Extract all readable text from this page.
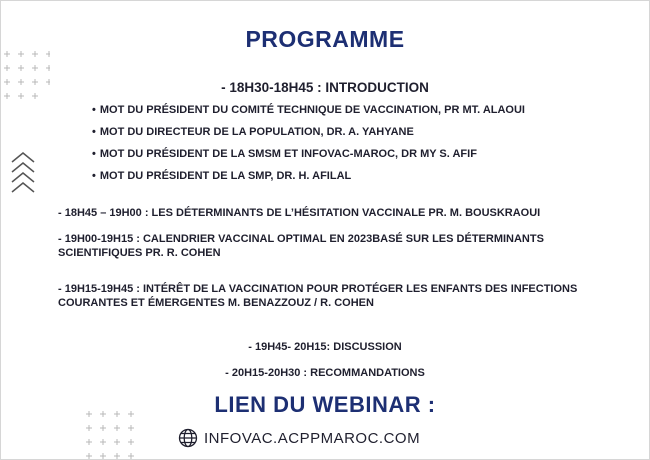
PROGRAMME
- 18H30-18H45 : INTRODUCTION
• MOT DU PRÉSIDENT DU COMITÉ TECHNIQUE DE VACCINATION, PR MT. ALAOUI
• MOT DU DIRECTEUR DE LA POPULATION, DR. A. YAHYANE
• MOT DU PRÉSIDENT DE LA SMSM ET INFOVAC-MAROC, DR MY S. AFIF
• MOT DU PRÉSIDENT DE LA SMP, DR. H. AFILAL
- 18H45 – 19H00 : LES DÉTERMINANTS DE L’HÉSITATION VACCINALE PR. M. BOUSKRAOUI
- 19H00-19H15 : CALENDRIER VACCINAL OPTIMAL EN 2023BASÉ SUR LES DÉTERMINANTS
SCIENTIFIQUES PR. R. COHEN
- 19H15-19H45 : INTÉRÊT DE LA VACCINATION POUR PROTÉGER LES ENFANTS DES INFECTIONS
COURANTES ET ÉMERGENTES M. BENAZZOUZ / R. COHEN
- 19H45- 20H15: DISCUSSION
- 20H15-20H30 : RECOMMANDATIONS
LIEN DU WEBINAR :
INFOVAC.ACPPMAROC.COM
